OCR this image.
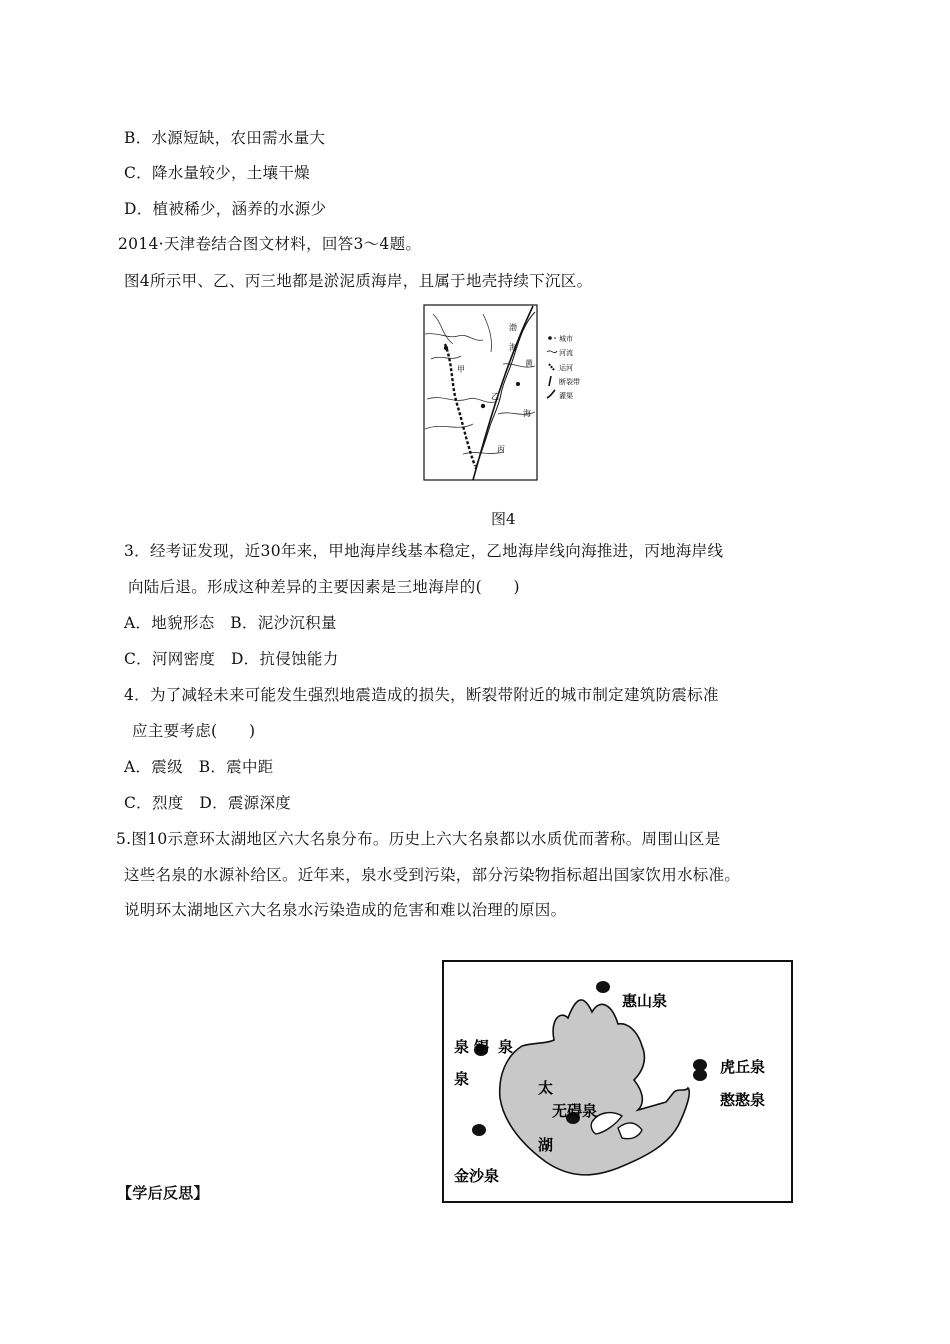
B．水源短缺，农田需水量大
C．降水量较少，土壤干燥
D．植被稀少，涵养的水源少
2014·天津卷结合图文材料，回答3～4题。
图4所示甲、乙、丙三地都是淤泥质海岸，且属于地壳持续下沉区。
渤
海
黄
海
甲
乙
丙
城市
河流
运河
断裂带
灌渠
图4
3．经考证发现，近30年来，甲地海岸线基本稳定，乙地海岸线向海推进，丙地海岸线
向陆后退。形成这种差异的主要因素是三地海岸的(　　)
A．地貌形态　B．泥沙沉积量
C．河网密度　D．抗侵蚀能力
4．为了减轻未来可能发生强烈地震造成的损失，断裂带附近的城市制定建筑防震标准
应主要考虑(　　)
A．震级　B．震中距
C．烈度　D．震源深度
5.图10示意环太湖地区六大名泉分布。历史上六大名泉都以水质优而著称。周围山区是
这些名泉的水源补给区。近年来，泉水受到污染，部分污染物指标超出国家饮用水标准。
说明环太湖地区六大名泉水污染造成的危害和难以治理的原因。
惠山泉
泉 锡 泉
泉
虎丘泉
憨憨泉
太
无碍泉
湖
金沙泉
【学后反思】
